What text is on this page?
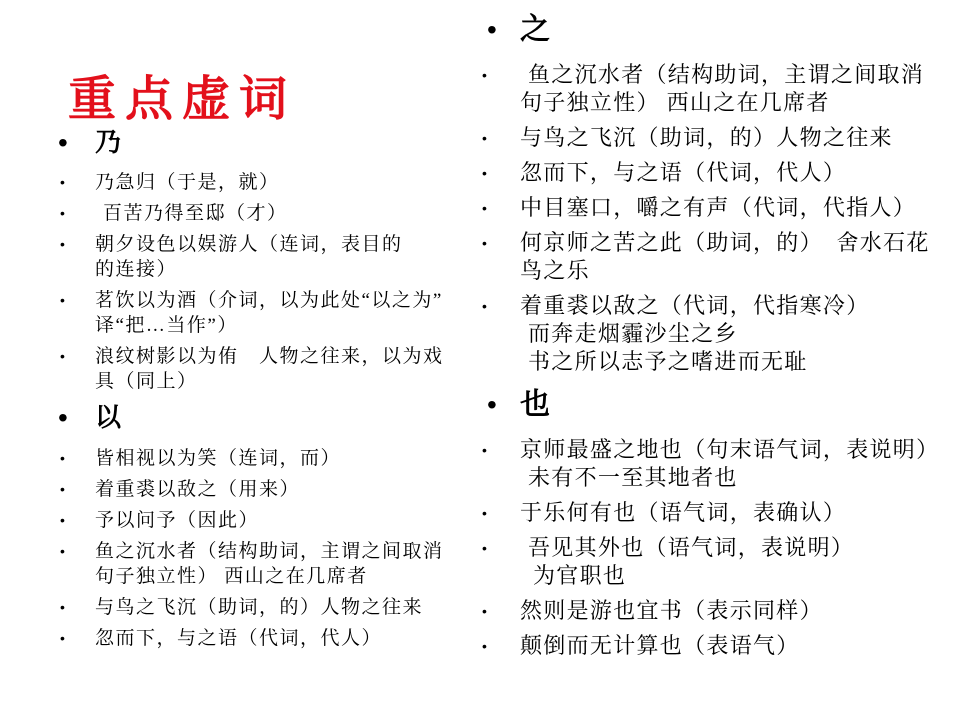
重点虚词
•
乃
•
乃急归（于是，就）
•
百苦乃得至邸（才）
•
朝夕设色以娱游人（连词，表目的
的连接）
•
茗饮以为酒（介词，以为此处“以之为”
译“把…当作”）
•
浪纹树影以为侑　人物之往来，以为戏
具（同上）
•
以
•
皆相视以为笑（连词，而）
•
着重裘以敌之（用来）
•
予以问予（因此）
•
鱼之沉水者（结构助词，主谓之间取消
句子独立性） 西山之在几席者
•
与鸟之飞沉（助词，的）人物之往来
•
忽而下，与之语（代词，代人）
•
之
•
鱼之沉水者（结构助词，主谓之间取消
句子独立性） 西山之在几席者
•
与鸟之飞沉（助词，的）人物之往来
•
忽而下，与之语（代词，代人）
•
中目塞口，嚼之有声（代词，代指人）
•
何京师之苦之此（助词，的）  舍水石花
鸟之乐
•
着重裘以敌之（代词，代指寒冷）
而奔走烟霾沙尘之乡
书之所以志予之嗜进而无耻
•
也
•
京师最盛之地也（句末语气词，表说明）
未有不一至其地者也
•
于乐何有也（语气词，表确认）
•
吾见其外也（语气词，表说明）
为官职也
•
然则是游也宜书（表示同样）
•
颠倒而无计算也（表语气）
